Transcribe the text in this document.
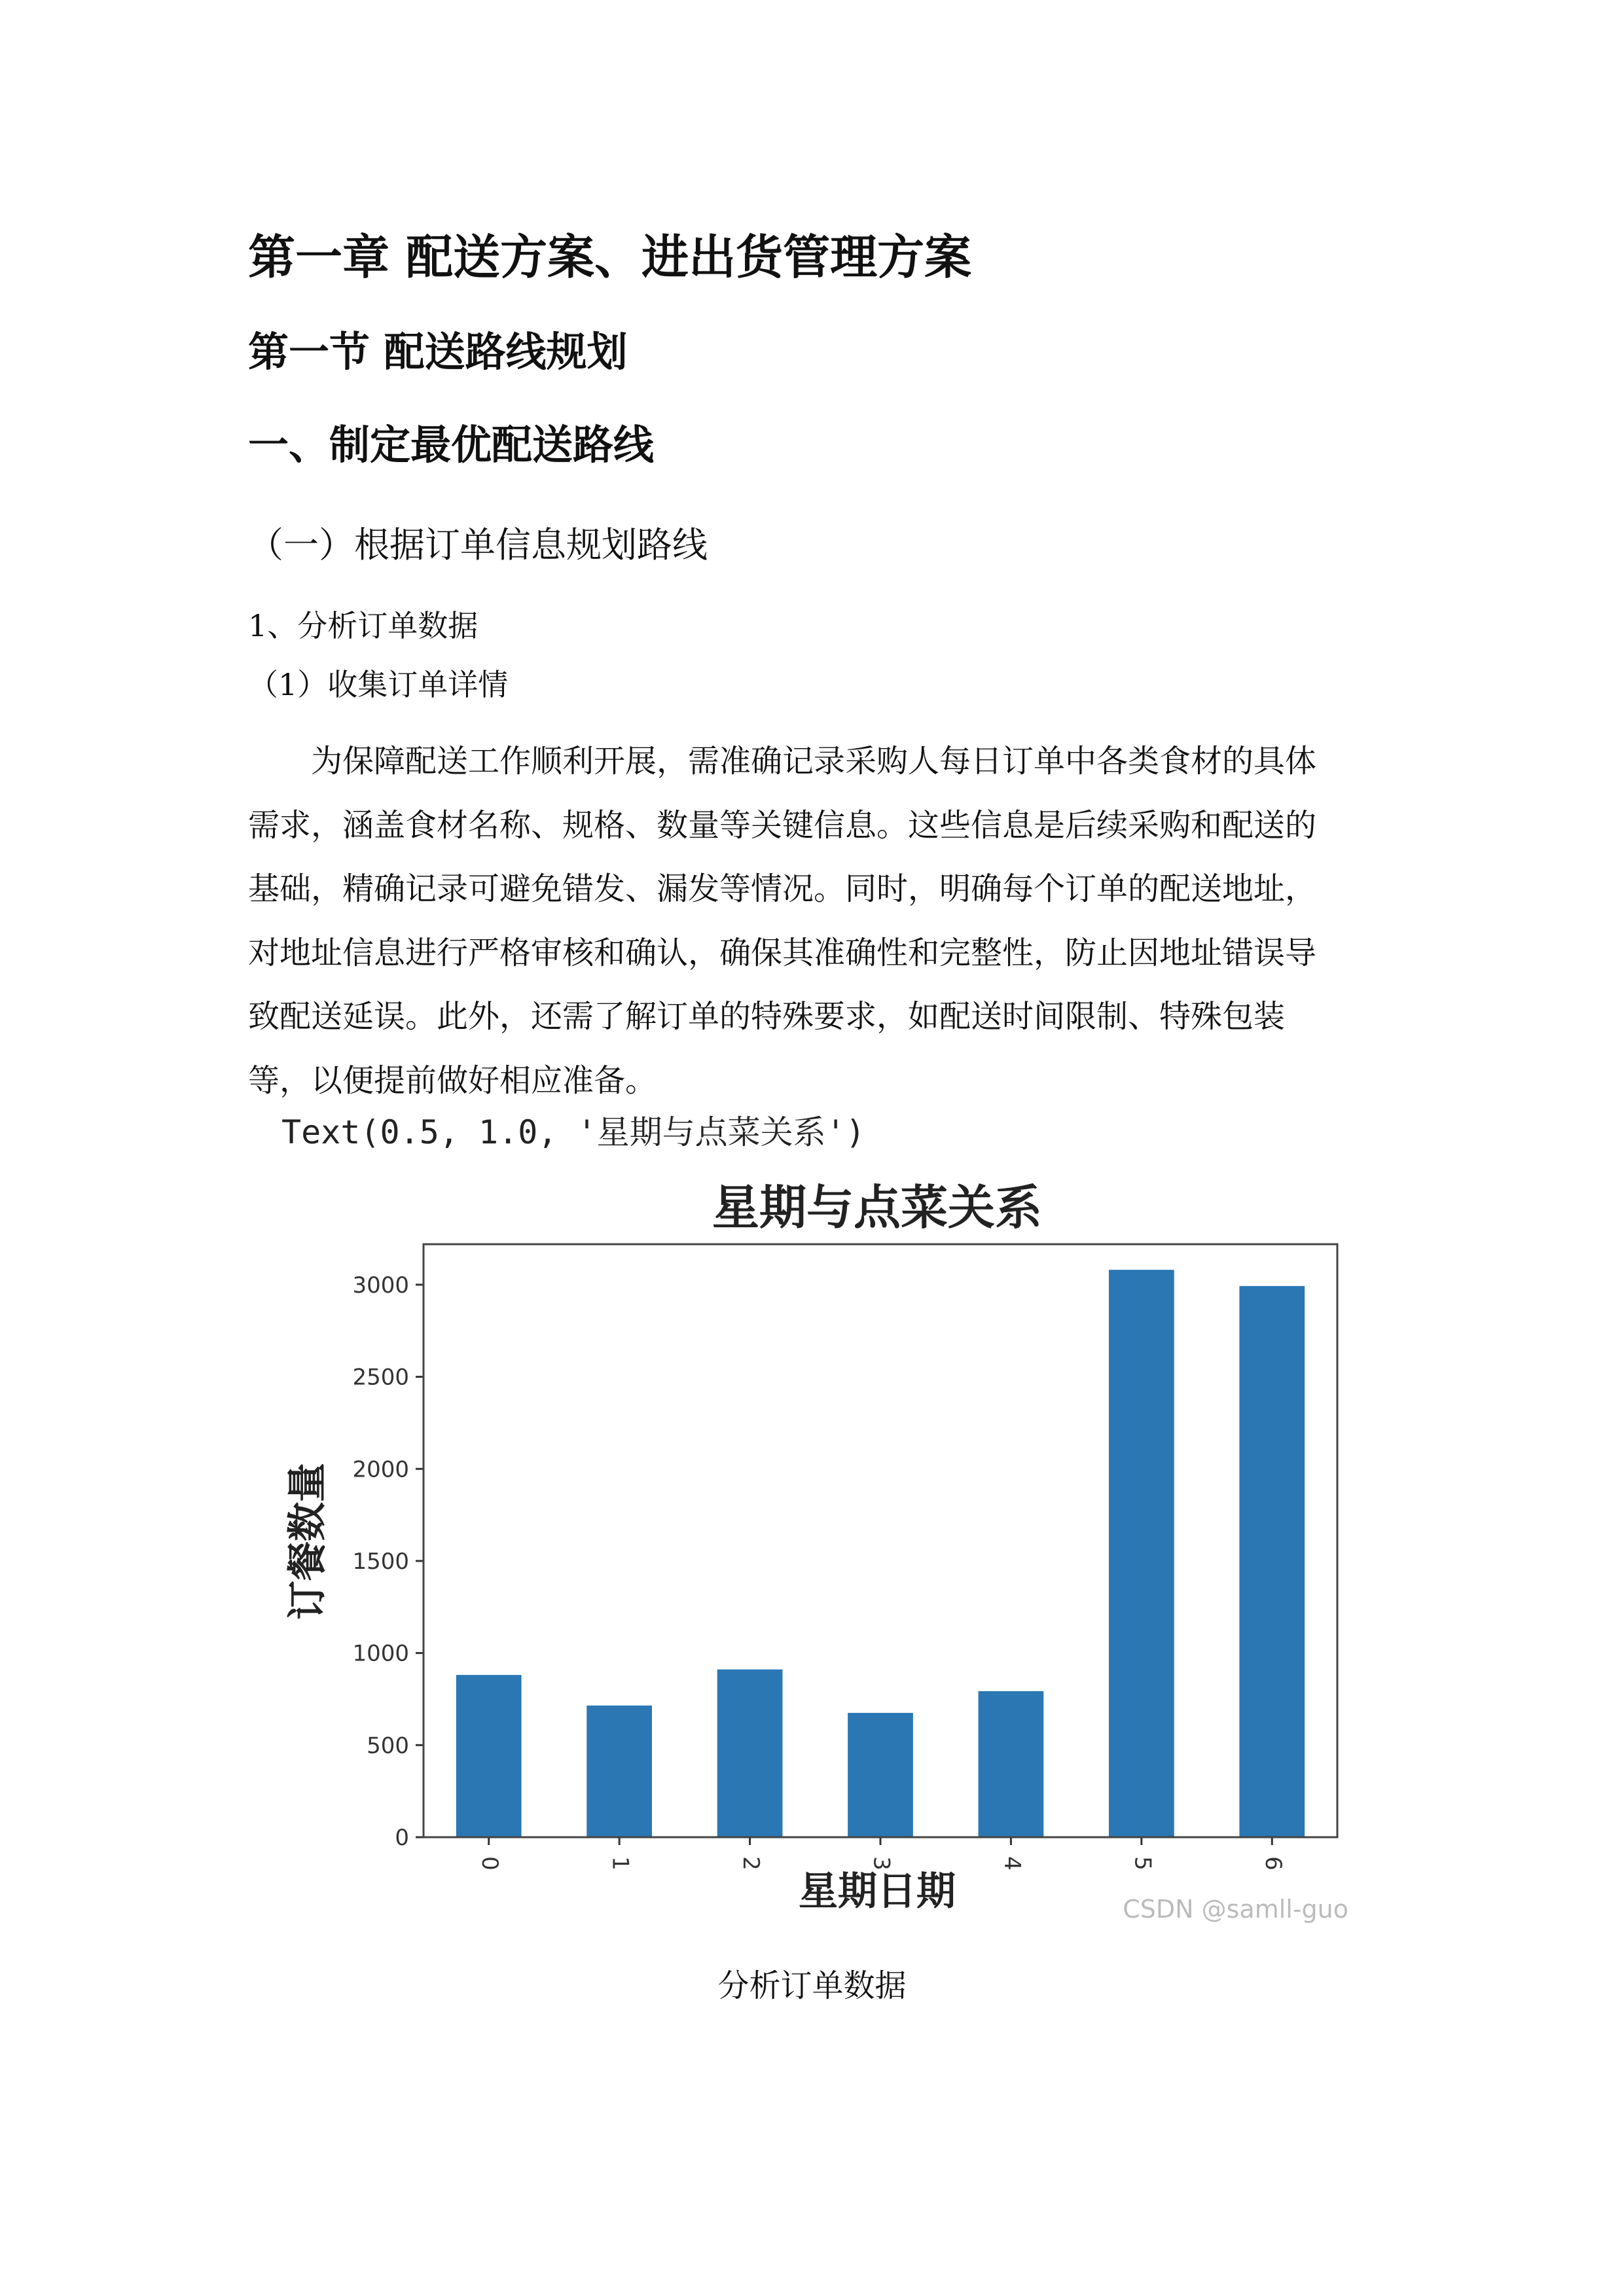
第一章 配送方案、进出货管理方案
第一节 配送路线规划
一、制定最优配送路线
（一）根据订单信息规划路线
1、分析订单数据
（1）收集订单详情
为保障配送工作顺利开展，需准确记录采购人每日订单中各类食材的具体
需求，涵盖食材名称、规格、数量等关键信息。这些信息是后续采购和配送的
基础，精确记录可避免错发、漏发等情况。同时，明确每个订单的配送地址，
对地址信息进行严格审核和确认，确保其准确性和完整性，防止因地址错误导
致配送延误。此外，还需了解订单的特殊要求，如配送时间限制、特殊包装
等，以便提前做好相应准备。
Text(0.5, 1.0, '星期与点菜关系')
星期与点菜关系
0	1	2	3	4	5	6
0
500
1000
1500
2000
2500
3000
星期日期
订餐数量
CSDN @samll-guo
分析订单数据
